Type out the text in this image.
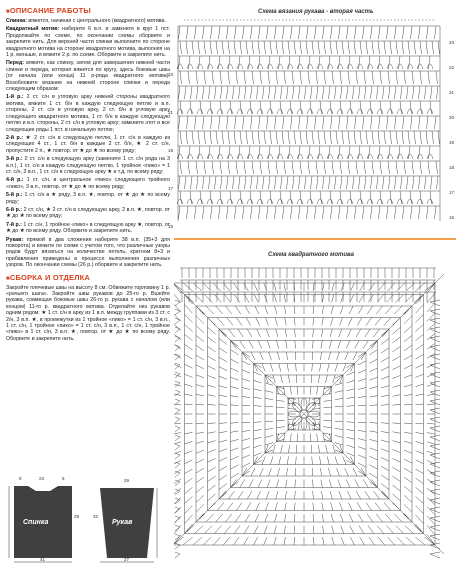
■ ОПИСАНИЕ РАБОТЫ
Спинка: вяжется, начиная с центрального (квадратного) мотива.
Квадратный мотив: наберите 6 в.п. и замкните в круг 1 пст. Продолжайте по схеме, по окончании схемы оборвите и закрепите нить. Для верхней части спинки выполните по стороне квадратного мотива на стороне квадратного мотива, выполняя на 1 р. меньше, и вяжите 2 р. по схеме. Оборвите и закрепите нить.
Перед: вяжите, как спинку, затем для завершения нижней части спинки и переда, которая вяжется по кругу, здесь боковые швы (от начала (или конца) 11 р-ряда квадратного мотива). Возобновите вязание на нижней стороне спинки и переда следующим образом:
1-й р.: 2 ст. с/н в угловую арку нижней стороны квадратного мотива, вяжите 1 ст. б/н в каждую следующую петлю и в.п. стороны, 2 ст. с/н в угловую арку, 2 ст. б/н в угловую арку следующего квадратного мотива, 1 ст. б/н в каждую следующую петлю и в.п. стороны, 2 ст. с/н в угловую арку; замкните этот и все следующие ряды 1 пст. в начальную петлю;
2-й р.: ★ 2 ст. с/н в следующую петлю, 1 ст. с/н в каждую из следующих 4 ст., 1 ст. б/н в каждые 2 ст. б/н, ★ 2 ст. с/н, пропустите 2 п., ★ повтор. от ★ до ★ по всему ряду;
3-й р.: 2 ст. с/н в следующую арку (замените 1 ст. с/н ряда на 3 в.п.), 1 ст. с/н в каждую следующую петлю, 1 тройное «пико» = 1 ст. с/н, 3 в.п., 1 ст. с/н в следующую арку ★ и т.д. по всему ряду;
4-й р.: 1 ст. с/н, в центральное «пико» следующего тройного «пико», 3 в.п., повтор. от ★ до ★ по всему ряду;
5-й р.: 1 ст. с/н в ★ ряду, 3 в.п. ★, повтор. от ★ до ★ по всему ряду;
6-й р.: 2 ст. с/н, ★ 2 ст. с/н в следующую арку, 2 в.п. ★, повтор. от ★ до ★ по всему ряду;
7-й р.: 1 ст. с/н, 1 тройное «пико» в следующую арку ★, повтор. от ★ до ★ по всему ряду. Оборвите и закрепите нить.
Рукав: прямой в два сложения наберите 38 в.п. (35+3 для поворота) и вяжите по схеме с учетом того, что различные узоры рядов будут вязаться на количестве петель, кратном 8+3 и прибавления приведены в процессе выполнения различных узоров. По окончании схемы (26 р.) оборвите и закрепите нить.
■ СБОРКА И ОТДЕЛКА
Закройте плечевые швы на высоту 8 см. Обвяжите горловину 1 р. «рачьего шага». Закройте швы рукавов до 25-го р. Вшейте рукава, совмещая боковые швы 26-го р. рукава с началом (или концом) 11-го р. квадратного мотива. Отделайте низ рукавов одним рядом: ★ 1 ст. с/н в арку из 1 в.п. между группами из 3 ст. с 2/н, 3 в.п. ★, в промежутки из 1 тройное «пико» = 1 ст. с/н, 3 в.п., 1 ст. с/н, 1 тройное «пико» = 1 ст. с/н, 3 в.п., 1 ст. с/н, 1 тройное «пико» в 1 ст. с/н, 3 в.п. ★, повтор. от ★ до ★ по всему ряду. Оборвите и закрепите нить.
Спинка	Рукав
6	23	6
29
41
29
32
27
Схема вязания рукава - вторая часть
23
22
21
20
19
18
17
16
23
21
19
17
15
Схема квадратного мотива
